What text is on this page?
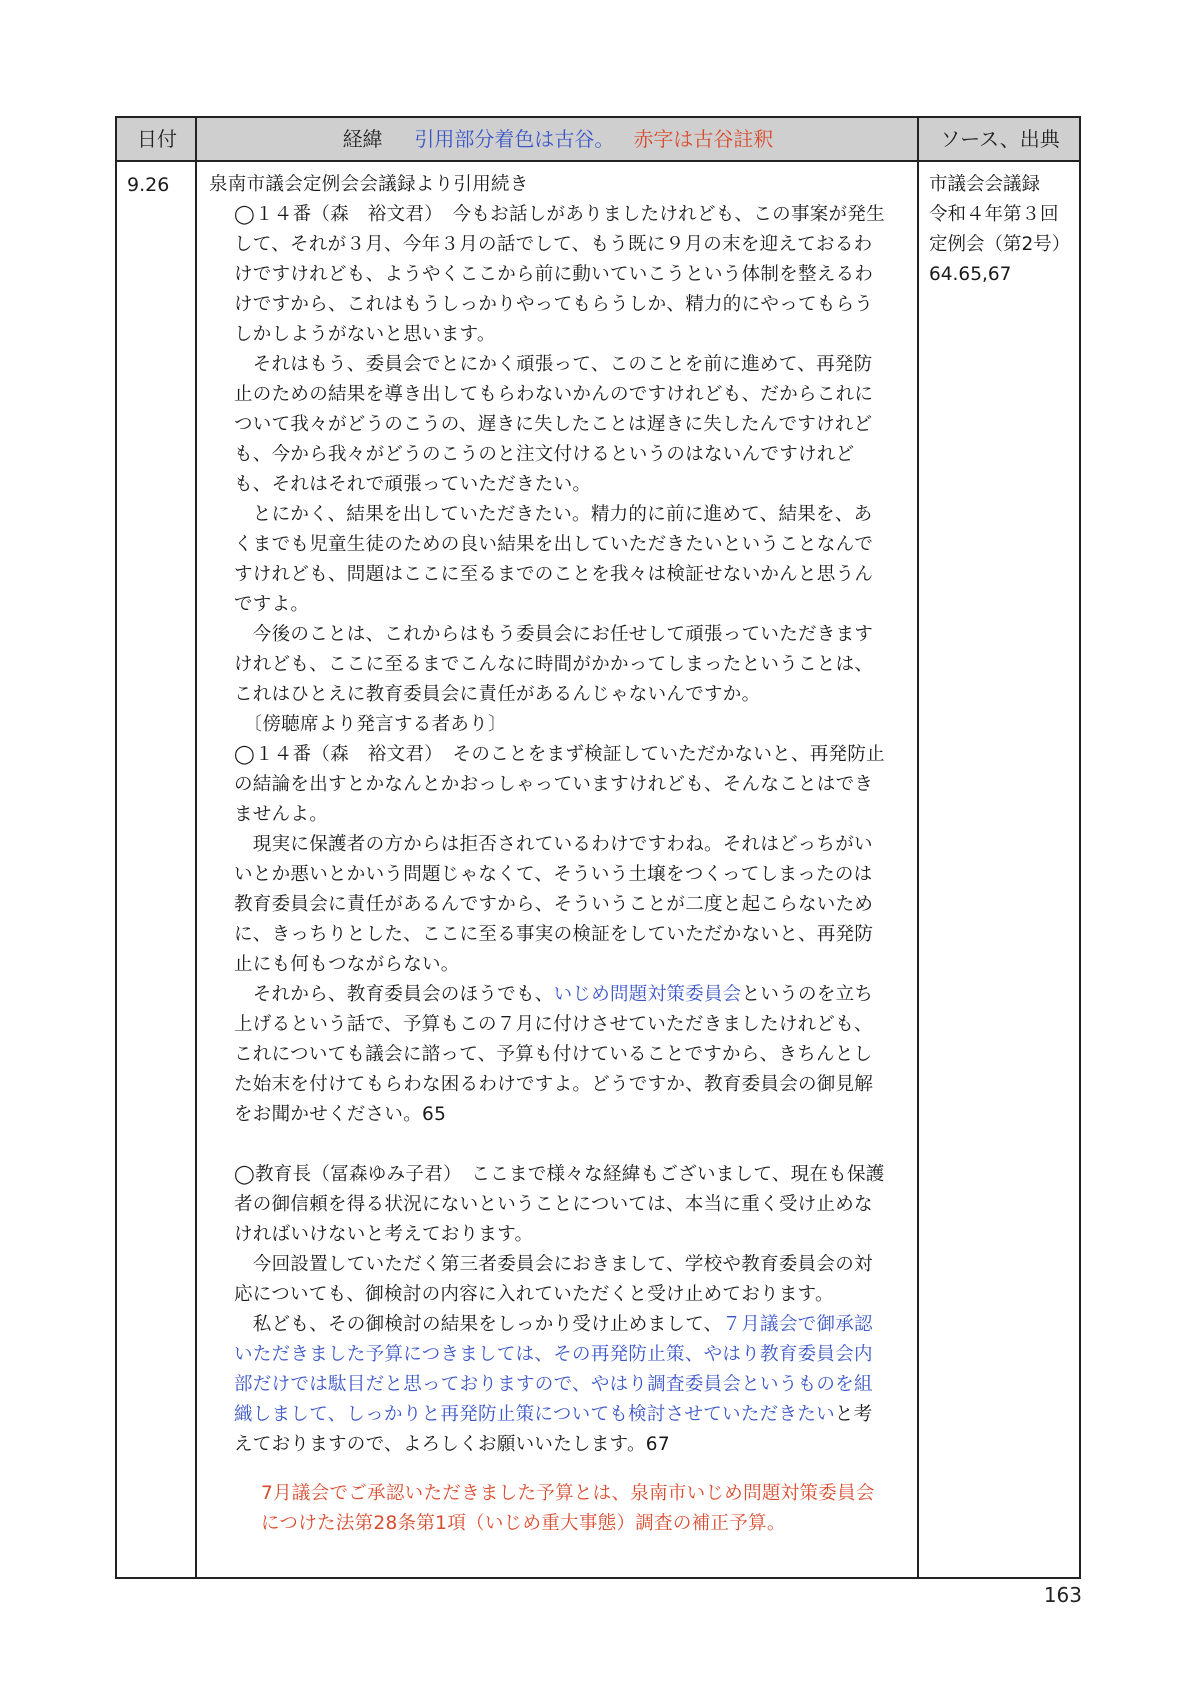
日付	経緯 引用部分着色は古谷。 赤字は古谷註釈	ソース、出典
9.26 泉南市議会定例会会議録より引用続き

◯１４番（森　裕文君）　今もお話しがありましたけれども、この事案が発生して、それが３月、今年３月の話でして、もう既に９月の末を迎えておるわけですけれども、ようやくここから前に動いていこうという体制を整えるわけですから、これはもうしっかりやってもらうしか、精力的にやってもらうしかしようがないと思います。

　それはもう、委員会でとにかく頑張って、このことを前に進めて、再発防止のための結果を導き出してもらわないかんのですけれども、だからこれについて我々がどうのこうの、遅きに失したことは遅きに失したんですけれども、今から我々がどうのこうのと注文付けるというのはないんですけれども、それはそれで頑張っていただきたい。

　とにかく、結果を出していただきたい。精力的に前に進めて、結果を、あくまでも児童生徒のための良い結果を出していただきたいということなんですけれども、問題はここに至るまでのことを我々は検証せないかんと思うんですよ。

　今後のことは、これからはもう委員会にお任せして頑張っていただきますけれども、ここに至るまでこんなに時間がかかってしまったということは、これはひとえに教育委員会に責任があるんじゃないんですか。

　〔傍聴席より発言する者あり〕

◯１４番（森　裕文君）　そのことをまず検証していただかないと、再発防止の結論を出すとかなんとかおっしゃっていますけれども、そんなことはできませんよ。

　現実に保護者の方からは拒否されているわけですわね。それはどっちがいいとか悪いとかいう問題じゃなくて、そういう土壌をつくってしまったのは教育委員会に責任があるんですから、そういうことが二度と起こらないために、きっちりとした、ここに至る事実の検証をしていただかないと、再発防止にも何もつながらない。

　それから、教育委員会のほうでも、いじめ問題対策委員会というのを立ち上げるという話で、予算もこの７月に付けさせていただきましたけれども、これについても議会に諮って、予算も付けていることですから、きちんとした始末を付けてもらわな困るわけですよ。どうですか、教育委員会の御見解をお聞かせください。65

◯教育長（冨森ゆみ子君）　ここまで様々な経緯もございまして、現在も保護者の御信頼を得る状況にないということについては、本当に重く受け止めなければいけないと考えております。

　今回設置していただく第三者委員会におきまして、学校や教育委員会の対応についても、御検討の内容に入れていただくと受け止めております。

　私ども、その御検討の結果をしっかり受け止めまして、７月議会で御承認いただきました予算につきましては、その再発防止策、やはり教育委員会内部だけでは駄目だと思っておりますので、やはり調査委員会というものを組織しまして、しっかりと再発防止策についても検討させていただきたいと考えておりますので、よろしくお願いいたします。67

7月議会でご承認いただきました予算とは、泉南市いじめ問題対策委員会につけた法第28条第1項（いじめ重大事態）調査の補正予算。

市議会会議録
令和４年第３回
定例会（第2号）
64.65,67
163
